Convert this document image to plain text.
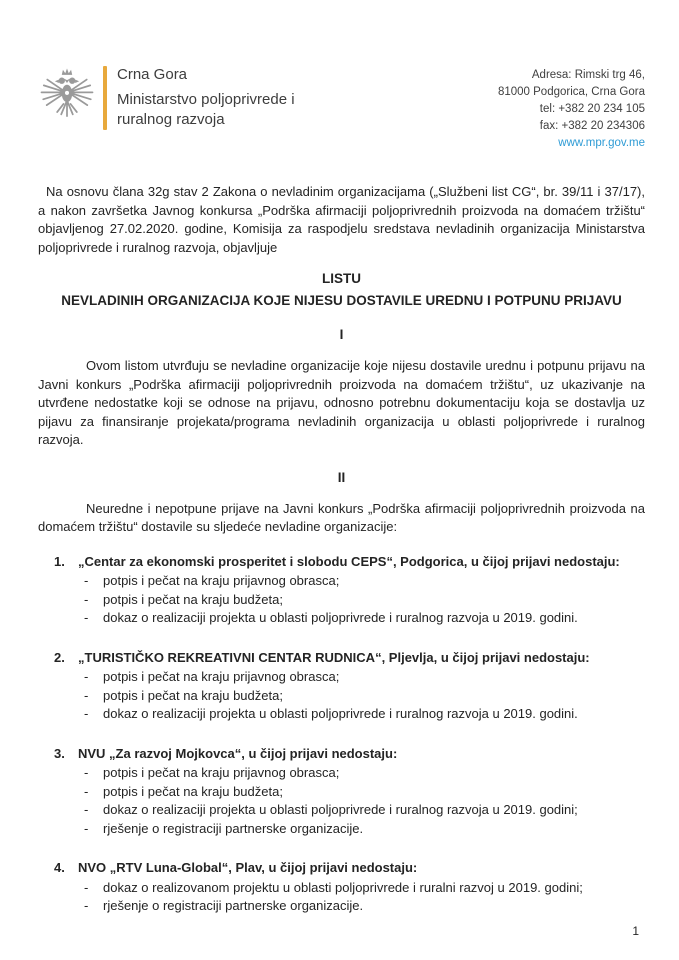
Crna Gora
Ministarstvo poljoprivrede i
ruralnog razvoja
Adresa: Rimski trg 46,
81000 Podgorica, Crna Gora
tel: +382 20 234 105
fax: +382 20 234306
www.mpr.gov.me
Na osnovu člana 32g stav 2 Zakona o nevladinim organizacijama („Službeni list CG“, br. 39/11 i 37/17), a nakon završetka Javnog konkursa „Podrška afirmaciji poljoprivrednih proizvoda na domaćem tržištu“ objavljenog 27.02.2020. godine, Komisija za raspodjelu sredstava nevladinih organizacija Ministarstva poljoprivrede i ruralnog razvoja, objavljuje
LISTU
NEVLADINIH ORGANIZACIJA KOJE NIJESU DOSTAVILE UREDNU I POTPUNU PRIJAVU
I
Ovom listom utvrđuju se nevladine organizacije koje nijesu dostavile urednu i potpunu prijavu na Javni konkurs „Podrška afirmaciji poljoprivrednih proizvoda na domaćem tržištu“, uz ukazivanje na utvrđene nedostatke koji se odnose na prijavu, odnosno potrebnu dokumentaciju koja se dostavlja uz pijavu za finansiranje projekata/programa nevladinih organizacija u oblasti poljoprivrede i ruralnog razvoja.
II
Neuredne i nepotpune prijave na Javni konkurs „Podrška afirmaciji poljoprivrednih proizvoda na domaćem tržištu“ dostavile su sljedeće nevladine organizacije:
1.	„Centar za ekonomski prosperitet i slobodu CEPS“, Podgorica, u čijoj prijavi nedostaju:
-	potpis i pečat na kraju prijavnog obrasca;
-	potpis i pečat na kraju budžeta;
-	dokaz o realizaciji projekta u oblasti poljoprivrede i ruralnog razvoja u 2019. godini.
2.	„TURISTIČKO REKREATIVNI CENTAR RUDNICA“, Pljevlja, u čijoj prijavi nedostaju:
-	potpis i pečat na kraju prijavnog obrasca;
-	potpis i pečat na kraju budžeta;
-	dokaz o realizaciji projekta u oblasti poljoprivrede i ruralnog razvoja u 2019. godini.
3.	NVU „Za razvoj Mojkovca“, u čijoj prijavi nedostaju:
-	potpis i pečat na kraju prijavnog obrasca;
-	potpis i pečat na kraju budžeta;
-	dokaz o realizaciji projekta u oblasti poljoprivrede i ruralnog razvoja u 2019. godini;
-	rješenje o registraciji partnerske organizacije.
4.	NVO „RTV Luna-Global“, Plav, u čijoj prijavi nedostaju:
-	dokaz o realizovanom projektu u oblasti poljoprivrede i ruralni razvoj u 2019. godini;
-	rješenje o registraciji partnerske organizacije.
1
